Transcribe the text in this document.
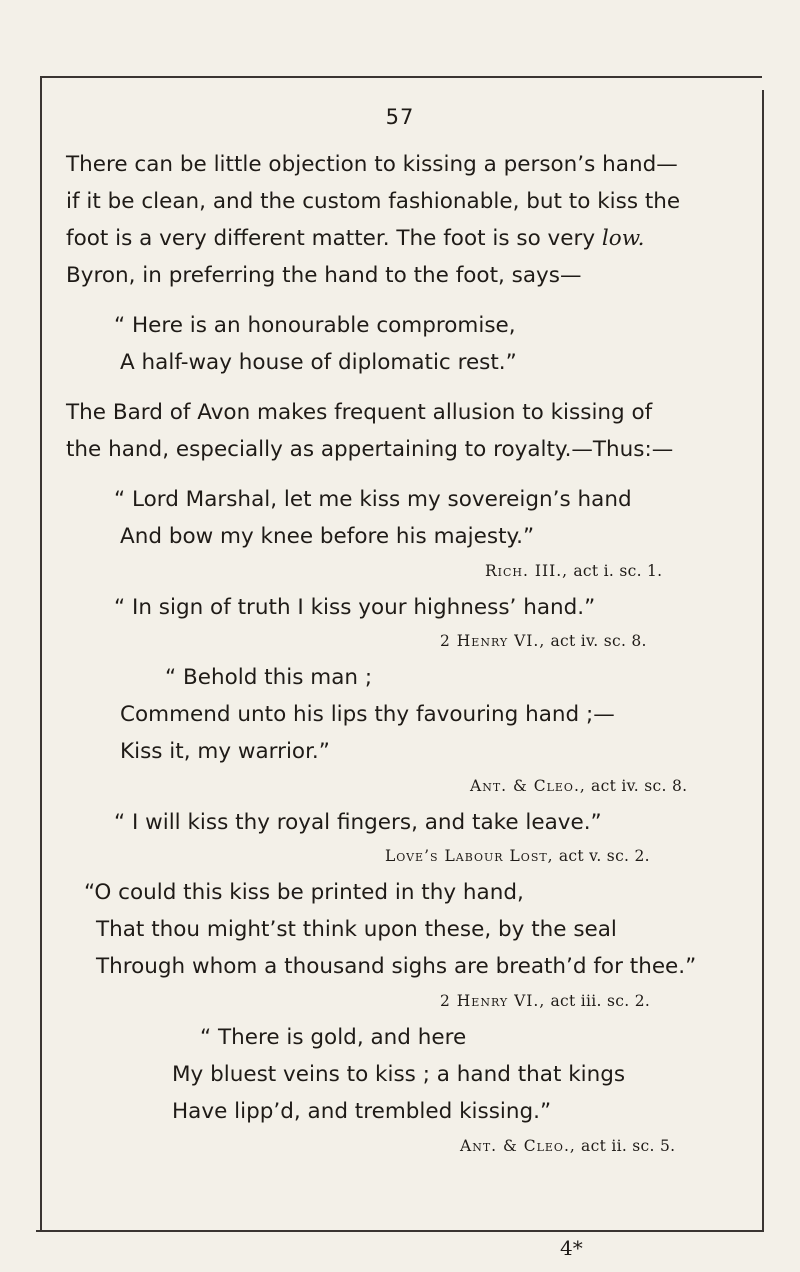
57
There can be little objection to kissing a person’s hand—
if it be clean, and the custom fashionable, but to kiss the
foot is a very different matter. The foot is so very low.
Byron, in preferring the hand to the foot, says—
“ Here is an honourable compromise,
A half-way house of diplomatic rest.”
The Bard of Avon makes frequent allusion to kissing of
the hand, especially as appertaining to royalty.—Thus:—
“ Lord Marshal, let me kiss my sovereign’s hand
And bow my knee before his majesty.”
Rich. III., act i. sc. 1.
“ In sign of truth I kiss your highness’ hand.”
2 Henry VI., act iv. sc. 8.
“ Behold this man ;
Commend unto his lips thy favouring hand ;—
Kiss it, my warrior.”
Ant. & Cleo., act iv. sc. 8.
“ I will kiss thy royal fingers, and take leave.”
Love’s Labour Lost, act v. sc. 2.
“O could this kiss be printed in thy hand,
That thou might’st think upon these, by the seal
Through whom a thousand sighs are breath’d for thee.”
2 Henry VI., act iii. sc. 2.
“ There is gold, and here
My bluest veins to kiss ; a hand that kings
Have lipp’d, and trembled kissing.”
Ant. & Cleo., act ii. sc. 5.
4*
